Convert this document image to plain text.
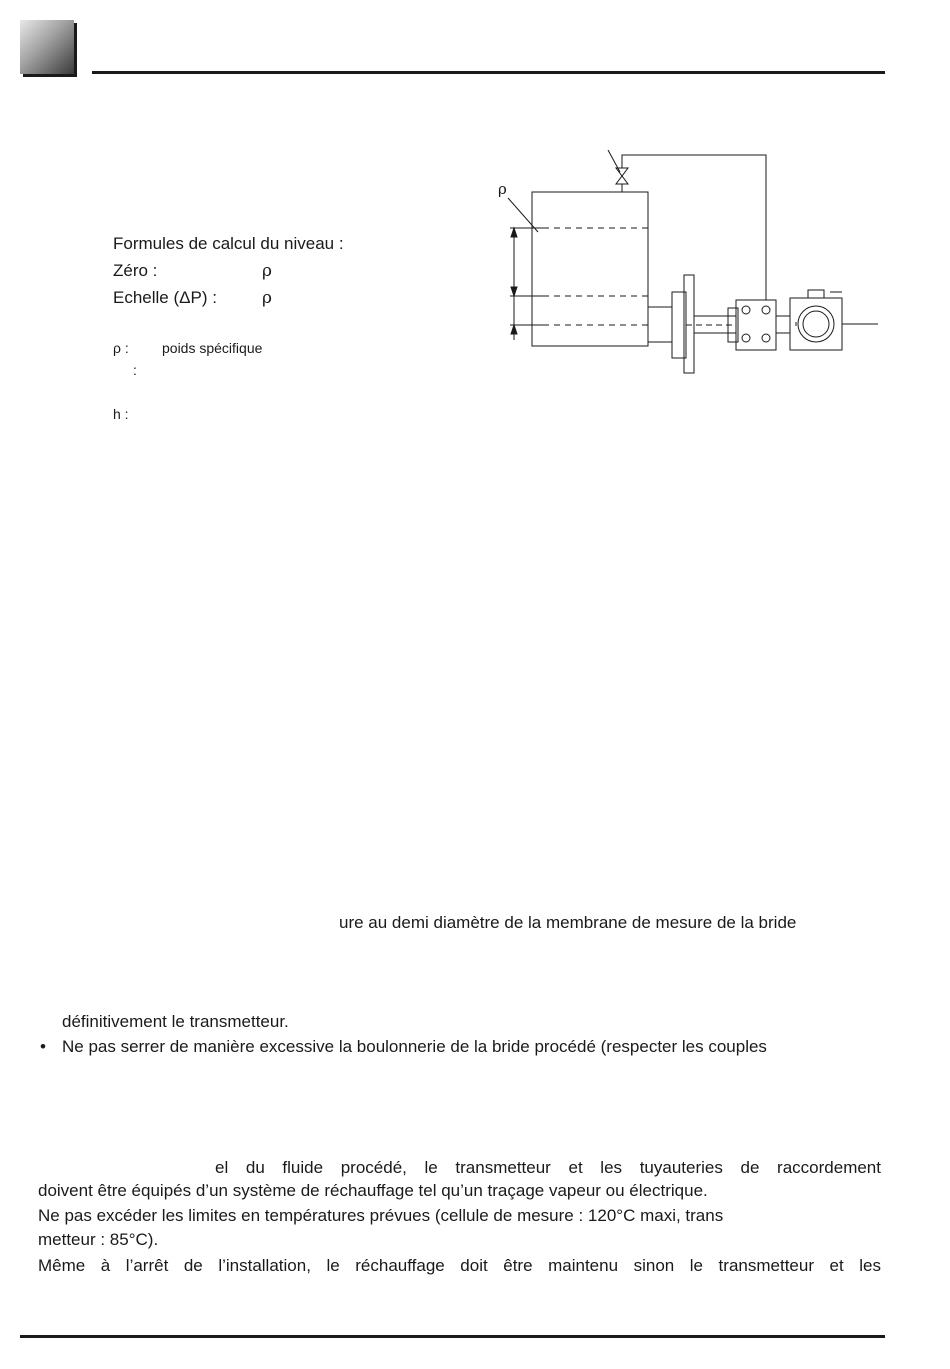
Formules de calcul du niveau :
Zéro :	ρ
Echelle (ΔP) :	ρ
ρ : poids spécifique
:
h :
ρ
ure au demi diamètre de la membrane de mesure de la bride
définitivement le transmetteur.
• Ne pas serrer de manière excessive la boulonnerie de la bride procédé (respecter les couples
el du fluide procédé, le transmetteur et les tuyauteries de raccordement
doivent être équipés d’un système de réchauffage tel qu’un traçage vapeur ou électrique.
Ne pas excéder les limites en températures prévues (cellule de mesure : 120°C maxi, trans
metteur : 85°C).
Même à l’arrêt de l’installation, le réchauffage doit être maintenu sinon le transmetteur et les
